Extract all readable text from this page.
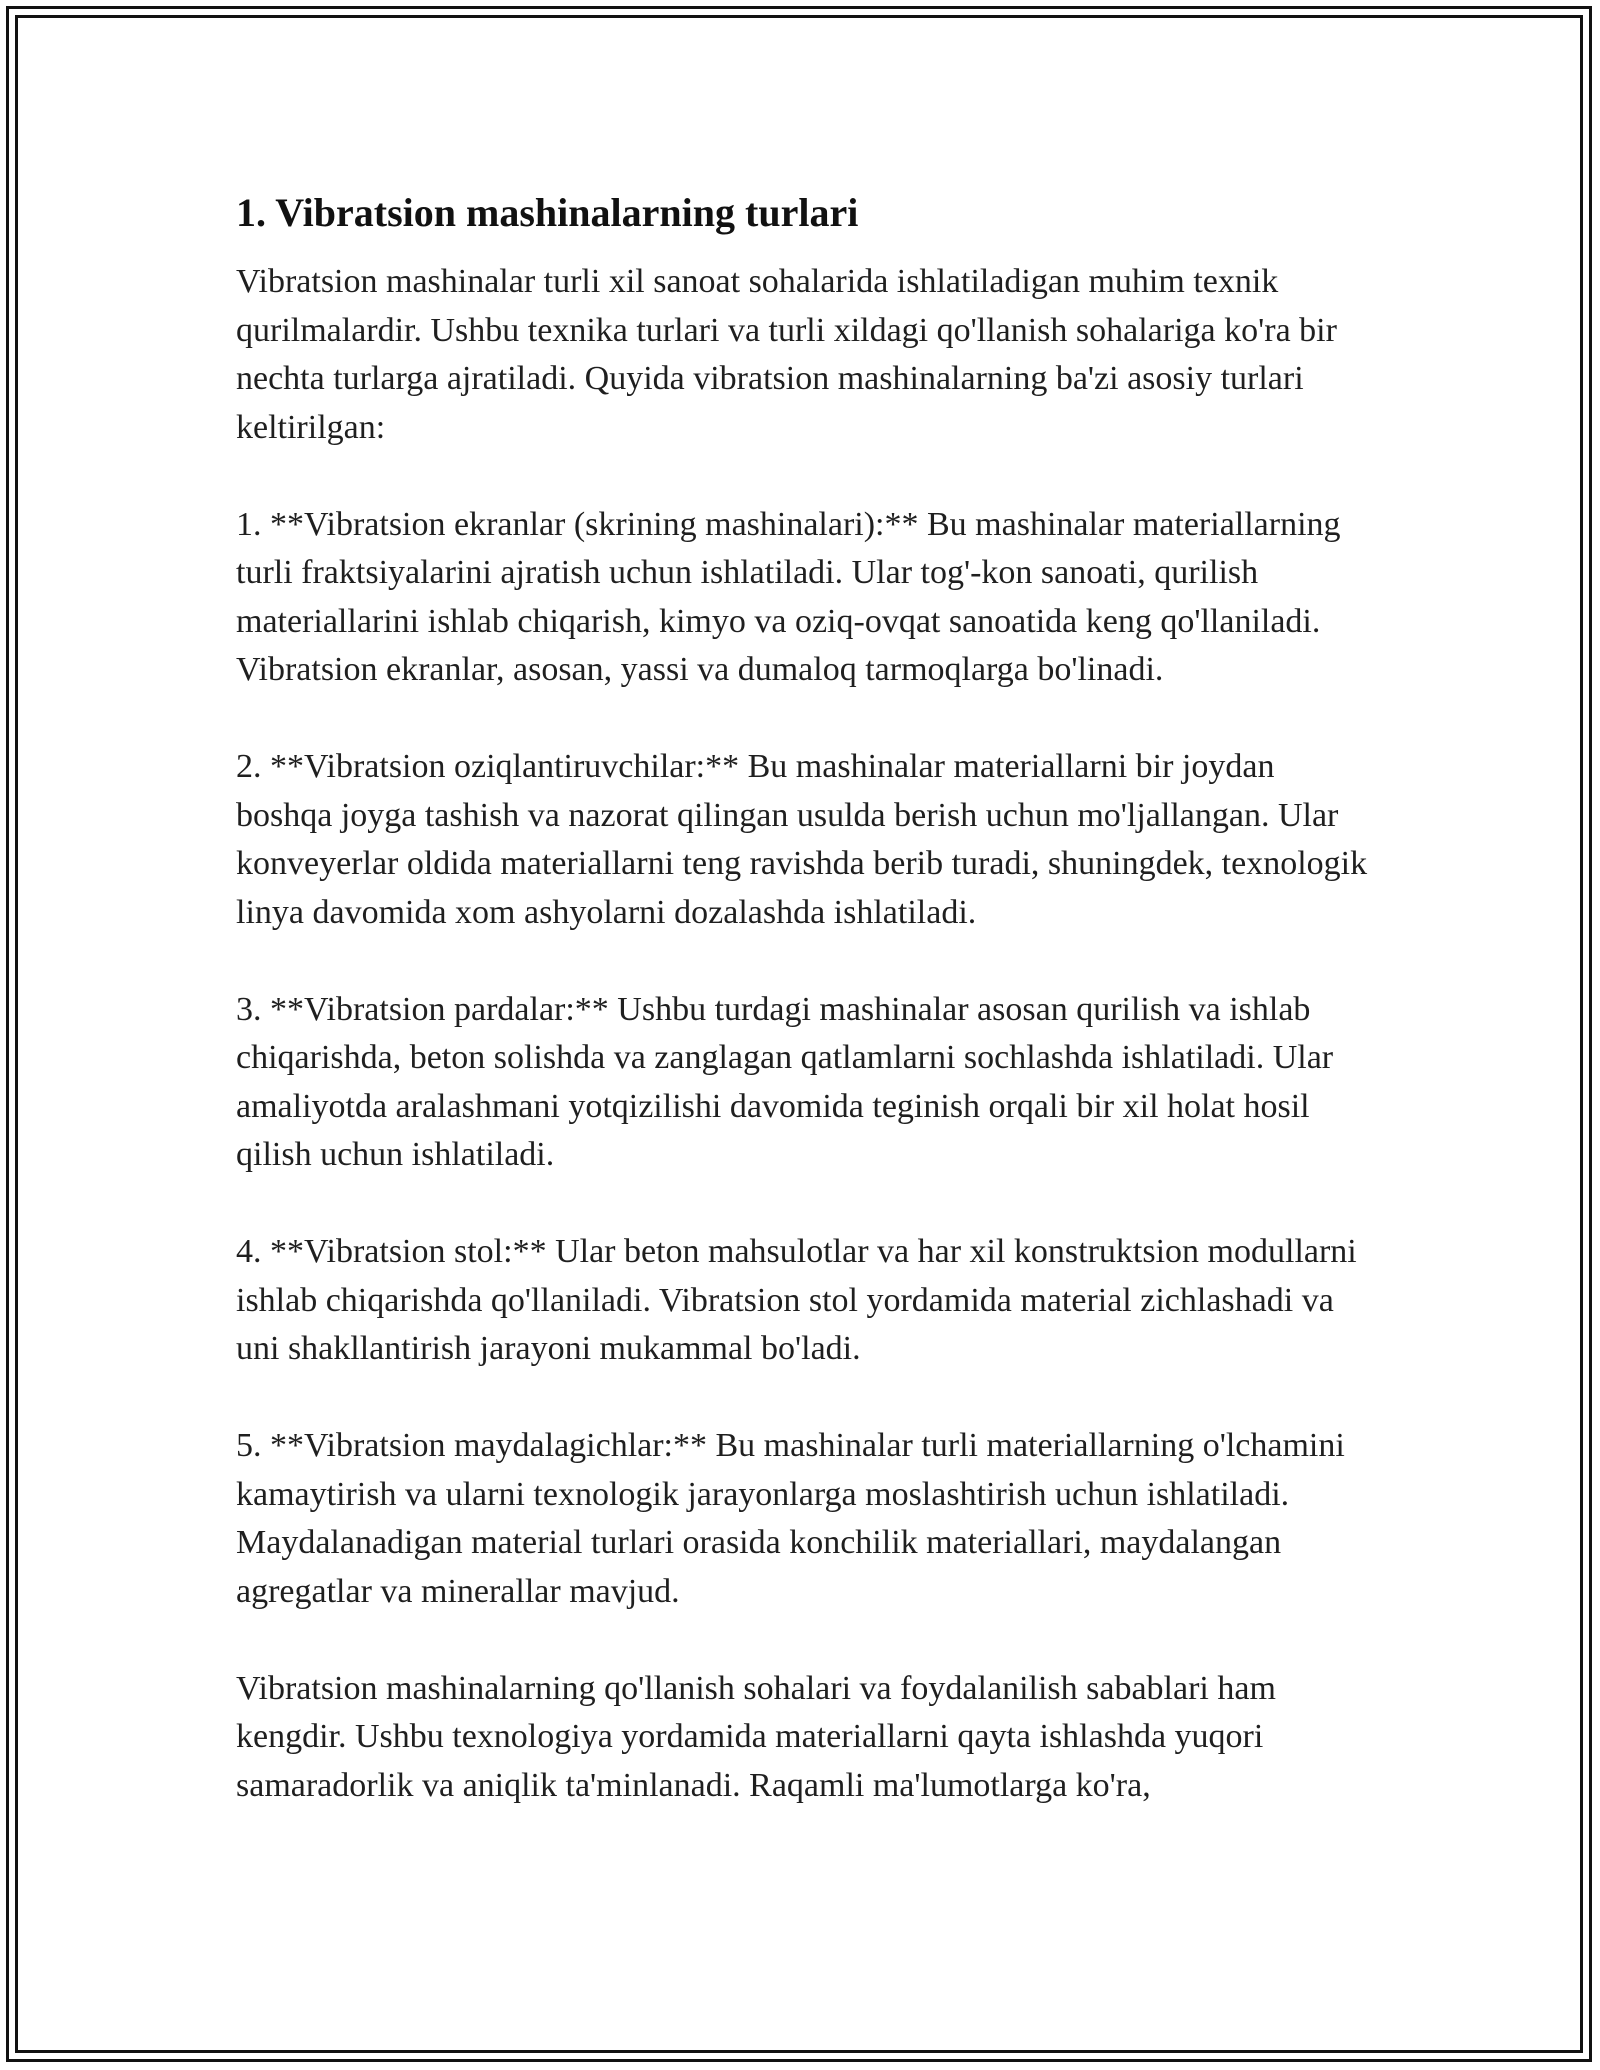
1. Vibratsion mashinalarning turlari

Vibratsion mashinalar turli xil sanoat sohalarida ishlatiladigan muhim texnik qurilmalardir. Ushbu texnika turlari va turli xildagi qo'llanish sohalariga ko'ra bir nechta turlarga ajratiladi. Quyida vibratsion mashinalarning ba'zi asosiy turlari keltirilgan:

1. **Vibratsion ekranlar (skrining mashinalari):** Bu mashinalar materiallarning turli fraktsiyalarini ajratish uchun ishlatiladi. Ular tog'-kon sanoati, qurilish materiallarini ishlab chiqarish, kimyo va oziq-ovqat sanoatida keng qo'llaniladi. Vibratsion ekranlar, asosan, yassi va dumaloq tarmoqlarga bo'linadi.

2. **Vibratsion oziqlantiruvchilar:** Bu mashinalar materiallarni bir joydan boshqa joyga tashish va nazorat qilingan usulda berish uchun mo'ljallangan. Ular konveyerlar oldida materiallarni teng ravishda berib turadi, shuningdek, texnologik linya davomida xom ashyolarni dozalashda ishlatiladi.

3. **Vibratsion pardalar:** Ushbu turdagi mashinalar asosan qurilish va ishlab chiqarishda, beton solishda va zanglagan qatlamlarni sochlashda ishlatiladi. Ular amaliyotda aralashmani yotqizilishi davomida teginish orqali bir xil holat hosil qilish uchun ishlatiladi.

4. **Vibratsion stol:** Ular beton mahsulotlar va har xil konstruktsion modullarni ishlab chiqarishda qo'llaniladi. Vibratsion stol yordamida material zichlashadi va uni shakllantirish jarayoni mukammal bo'ladi.

5. **Vibratsion maydalagichlar:** Bu mashinalar turli materiallarning o'lchamini kamaytirish va ularni texnologik jarayonlarga moslashtirish uchun ishlatiladi. Maydalanadigan material turlari orasida konchilik materiallari, maydalangan agregatlar va minerallar mavjud.

Vibratsion mashinalarning qo'llanish sohalari va foydalanilish sabablari ham kengdir. Ushbu texnologiya yordamida materiallarni qayta ishlashda yuqori samaradorlik va aniqlik ta'minlanadi. Raqamli ma'lumotlarga ko'ra,
